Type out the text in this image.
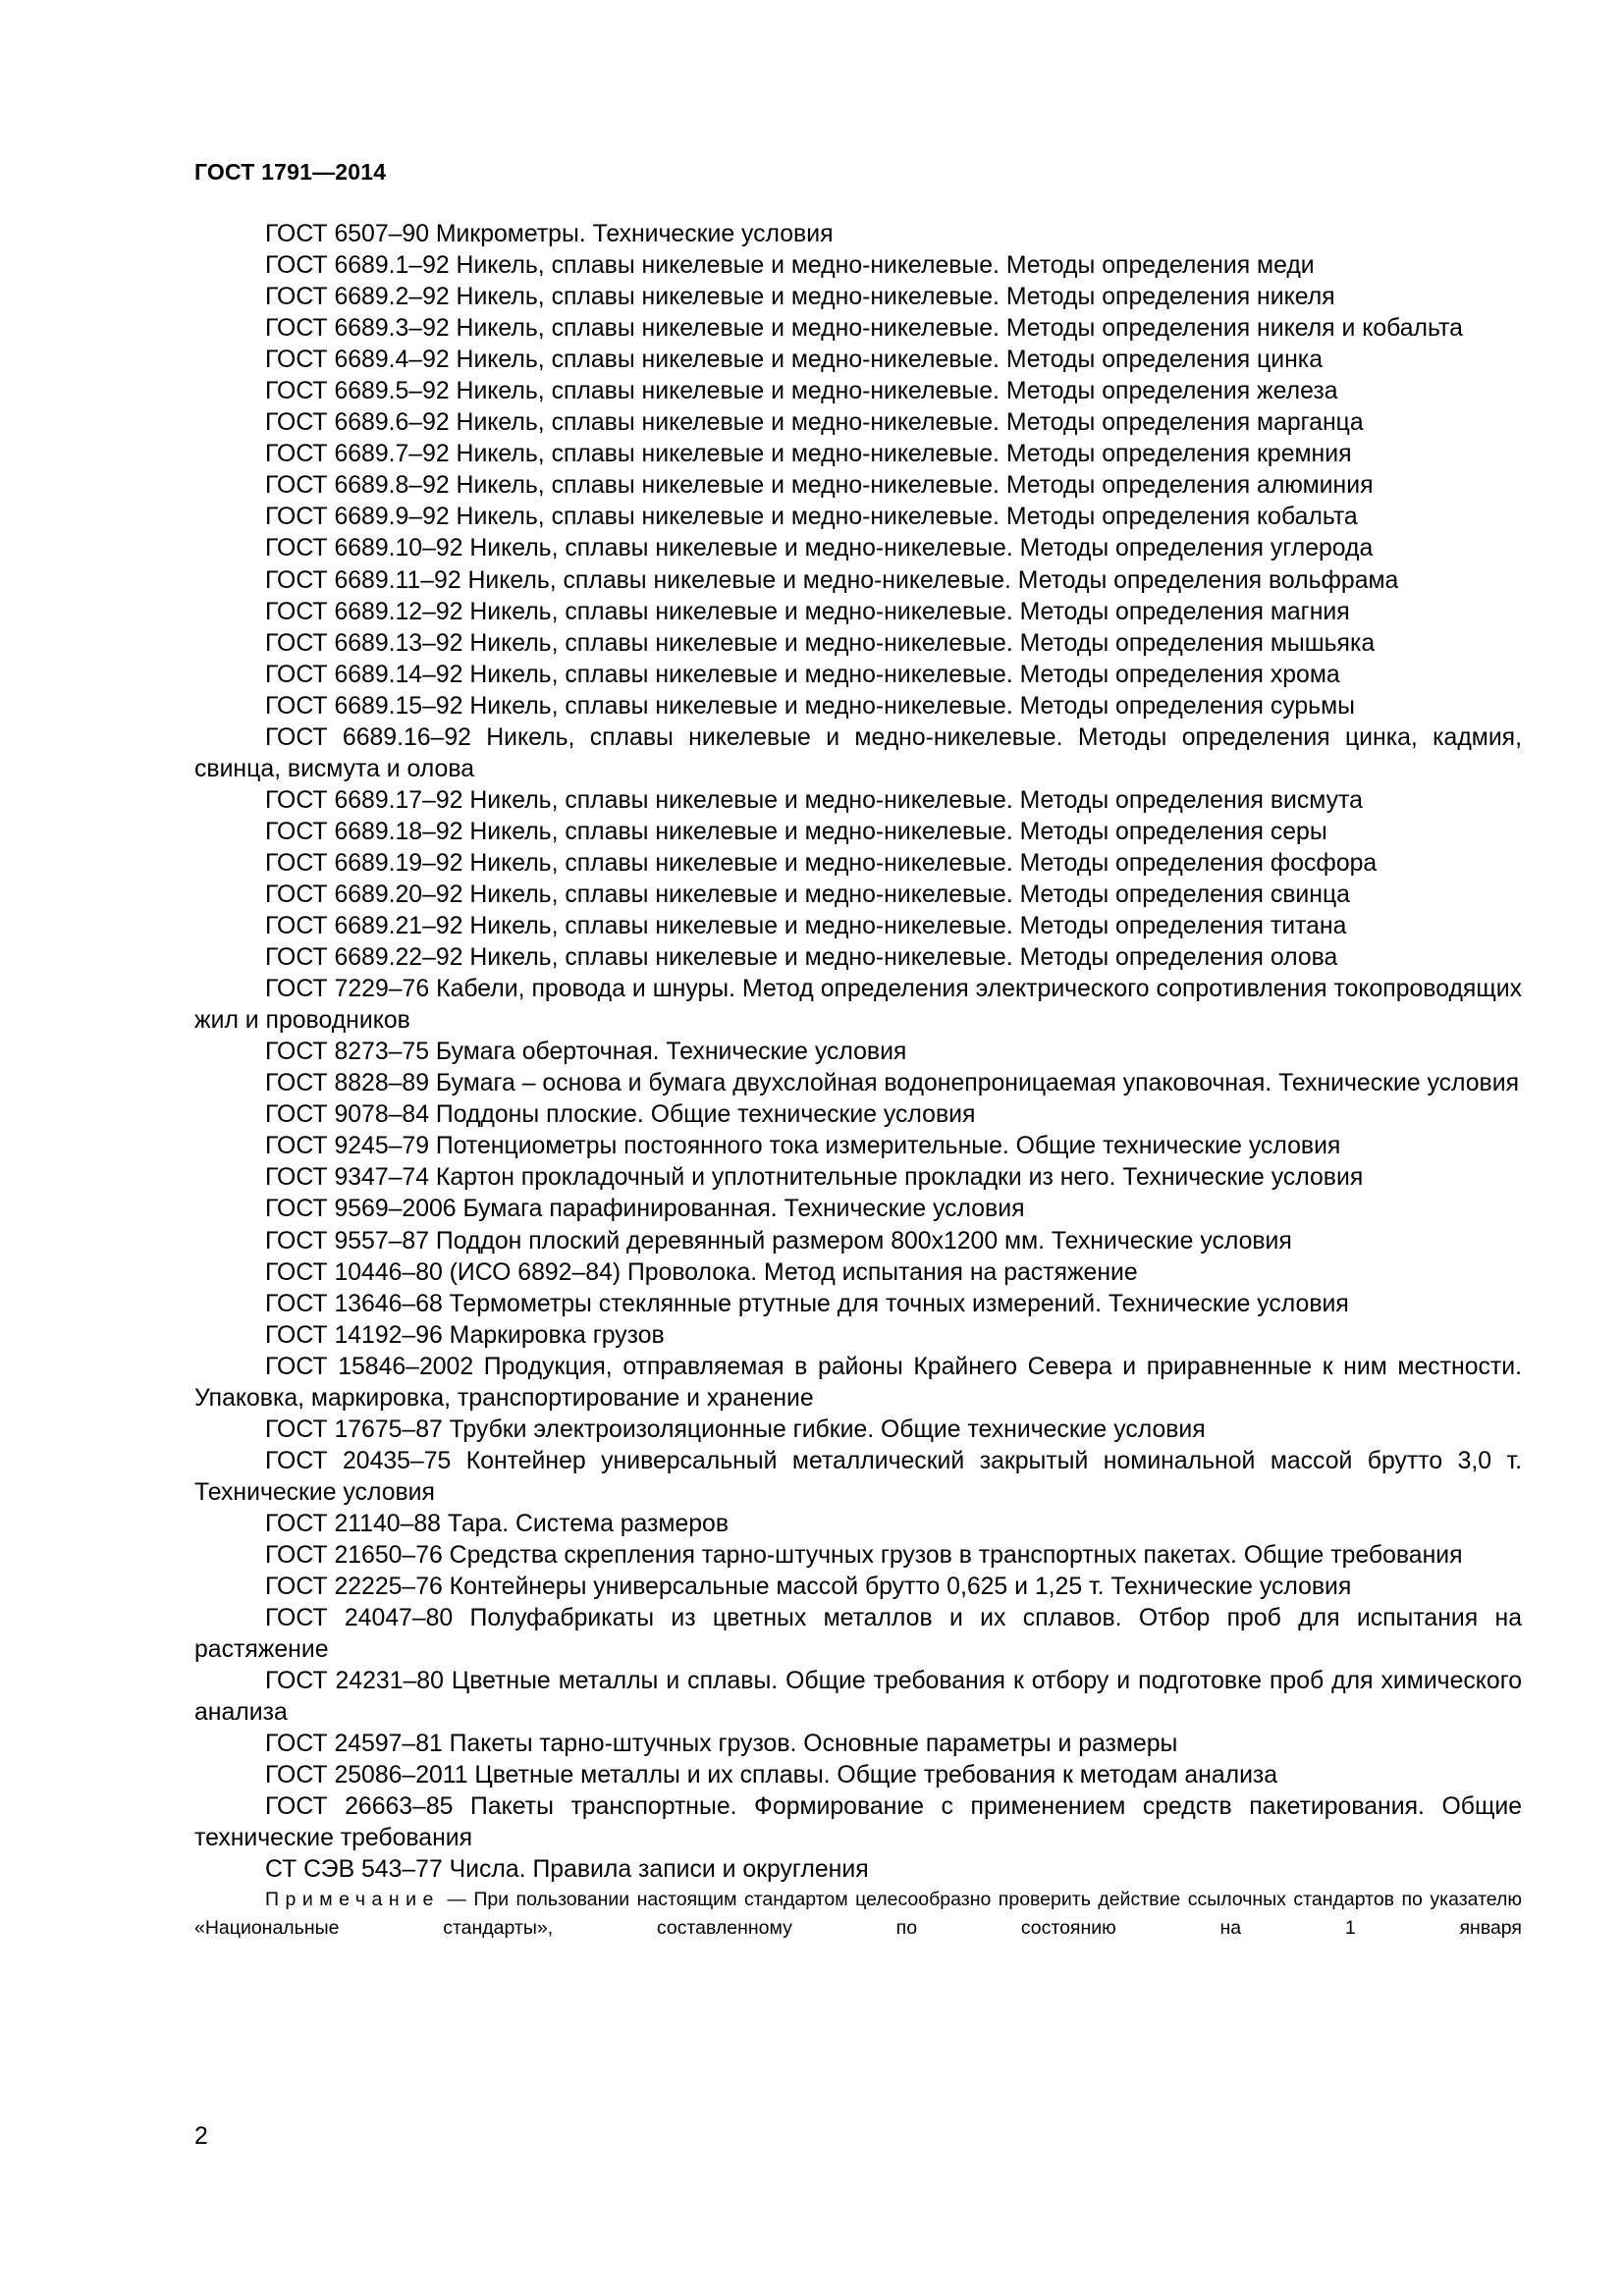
ГОСТ 1791—2014

ГОСТ 6507–90 Микрометры. Технические условия

ГОСТ 6689.1–92 Никель, сплавы никелевые и медно-никелевые. Методы определения меди

ГОСТ 6689.2–92 Никель, сплавы никелевые и медно-никелевые. Методы определения никеля

ГОСТ 6689.3–92 Никель, сплавы никелевые и медно-никелевые. Методы определения никеля и кобальта

ГОСТ 6689.4–92 Никель, сплавы никелевые и медно-никелевые. Методы определения цинка

ГОСТ 6689.5–92 Никель, сплавы никелевые и медно-никелевые. Методы определения железа

ГОСТ 6689.6–92 Никель, сплавы никелевые и медно-никелевые. Методы определения марганца

ГОСТ 6689.7–92 Никель, сплавы никелевые и медно-никелевые. Методы определения кремния

ГОСТ 6689.8–92 Никель, сплавы никелевые и медно-никелевые. Методы определения алюминия

ГОСТ 6689.9–92 Никель, сплавы никелевые и медно-никелевые. Методы определения кобальта

ГОСТ 6689.10–92 Никель, сплавы никелевые и медно-никелевые. Методы определения углерода

ГОСТ 6689.11–92 Никель, сплавы никелевые и медно-никелевые. Методы определения вольфрама

ГОСТ 6689.12–92 Никель, сплавы никелевые и медно-никелевые. Методы определения магния

ГОСТ 6689.13–92 Никель, сплавы никелевые и медно-никелевые. Методы определения мышьяка

ГОСТ 6689.14–92 Никель, сплавы никелевые и медно-никелевые. Методы определения хрома

ГОСТ 6689.15–92 Никель, сплавы никелевые и медно-никелевые. Методы определения сурьмы

ГОСТ 6689.16–92 Никель, сплавы никелевые и медно-никелевые. Методы определения цинка, кадмия, свинца, висмута и олова

ГОСТ 6689.17–92 Никель, сплавы никелевые и медно-никелевые. Методы определения висмута

ГОСТ 6689.18–92 Никель, сплавы никелевые и медно-никелевые. Методы определения серы

ГОСТ 6689.19–92 Никель, сплавы никелевые и медно-никелевые. Методы определения фосфора

ГОСТ 6689.20–92 Никель, сплавы никелевые и медно-никелевые. Методы определения свинца

ГОСТ 6689.21–92 Никель, сплавы никелевые и медно-никелевые. Методы определения титана

ГОСТ 6689.22–92 Никель, сплавы никелевые и медно-никелевые. Методы определения олова

ГОСТ 7229–76 Кабели, провода и шнуры. Метод определения электрического сопротивления токопроводящих жил и проводников

ГОСТ 8273–75 Бумага оберточная. Технические условия

ГОСТ 8828–89 Бумага – основа и бумага двухслойная водонепроницаемая упаковочная. Технические условия

ГОСТ 9078–84 Поддоны плоские. Общие технические условия

ГОСТ 9245–79 Потенциометры постоянного тока измерительные. Общие технические условия

ГОСТ 9347–74 Картон прокладочный и уплотнительные прокладки из него. Технические условия

ГОСТ 9569–2006 Бумага парафинированная. Технические условия

ГОСТ 9557–87 Поддон плоский деревянный размером 800х1200 мм. Технические условия

ГОСТ 10446–80 (ИСО 6892–84) Проволока. Метод испытания на растяжение

ГОСТ 13646–68 Термометры стеклянные ртутные для точных измерений. Технические условия

ГОСТ 14192–96 Маркировка грузов

ГОСТ 15846–2002 Продукция, отправляемая в районы Крайнего Севера и приравненные к ним местности. Упаковка, маркировка, транспортирование и хранение

ГОСТ 17675–87 Трубки электроизоляционные гибкие. Общие технические условия

ГОСТ 20435–75 Контейнер универсальный металлический закрытый номинальной массой брутто 3,0 т. Технические условия

ГОСТ 21140–88 Тара. Система размеров

ГОСТ 21650–76 Средства скрепления тарно-штучных грузов в транспортных пакетах. Общие требования

ГОСТ 22225–76 Контейнеры универсальные массой брутто 0,625 и 1,25 т. Технические условия

ГОСТ 24047–80 Полуфабрикаты из цветных металлов и их сплавов. Отбор проб для испытания на растяжение

ГОСТ 24231–80 Цветные металлы и сплавы. Общие требования к отбору и подготовке проб для химического анализа

ГОСТ 24597–81 Пакеты тарно-штучных грузов. Основные параметры и размеры

ГОСТ 25086–2011 Цветные металлы и их сплавы. Общие требования к методам анализа

ГОСТ 26663–85 Пакеты транспортные. Формирование с применением средств пакетирования. Общие технические требования

СТ СЭВ 543–77 Числа. Правила записи и округления

Примечание — При пользовании настоящим стандартом целесообразно проверить действие ссылочных стандартов по указателю «Национальные стандарты», составленному по состоянию на 1 января

2
